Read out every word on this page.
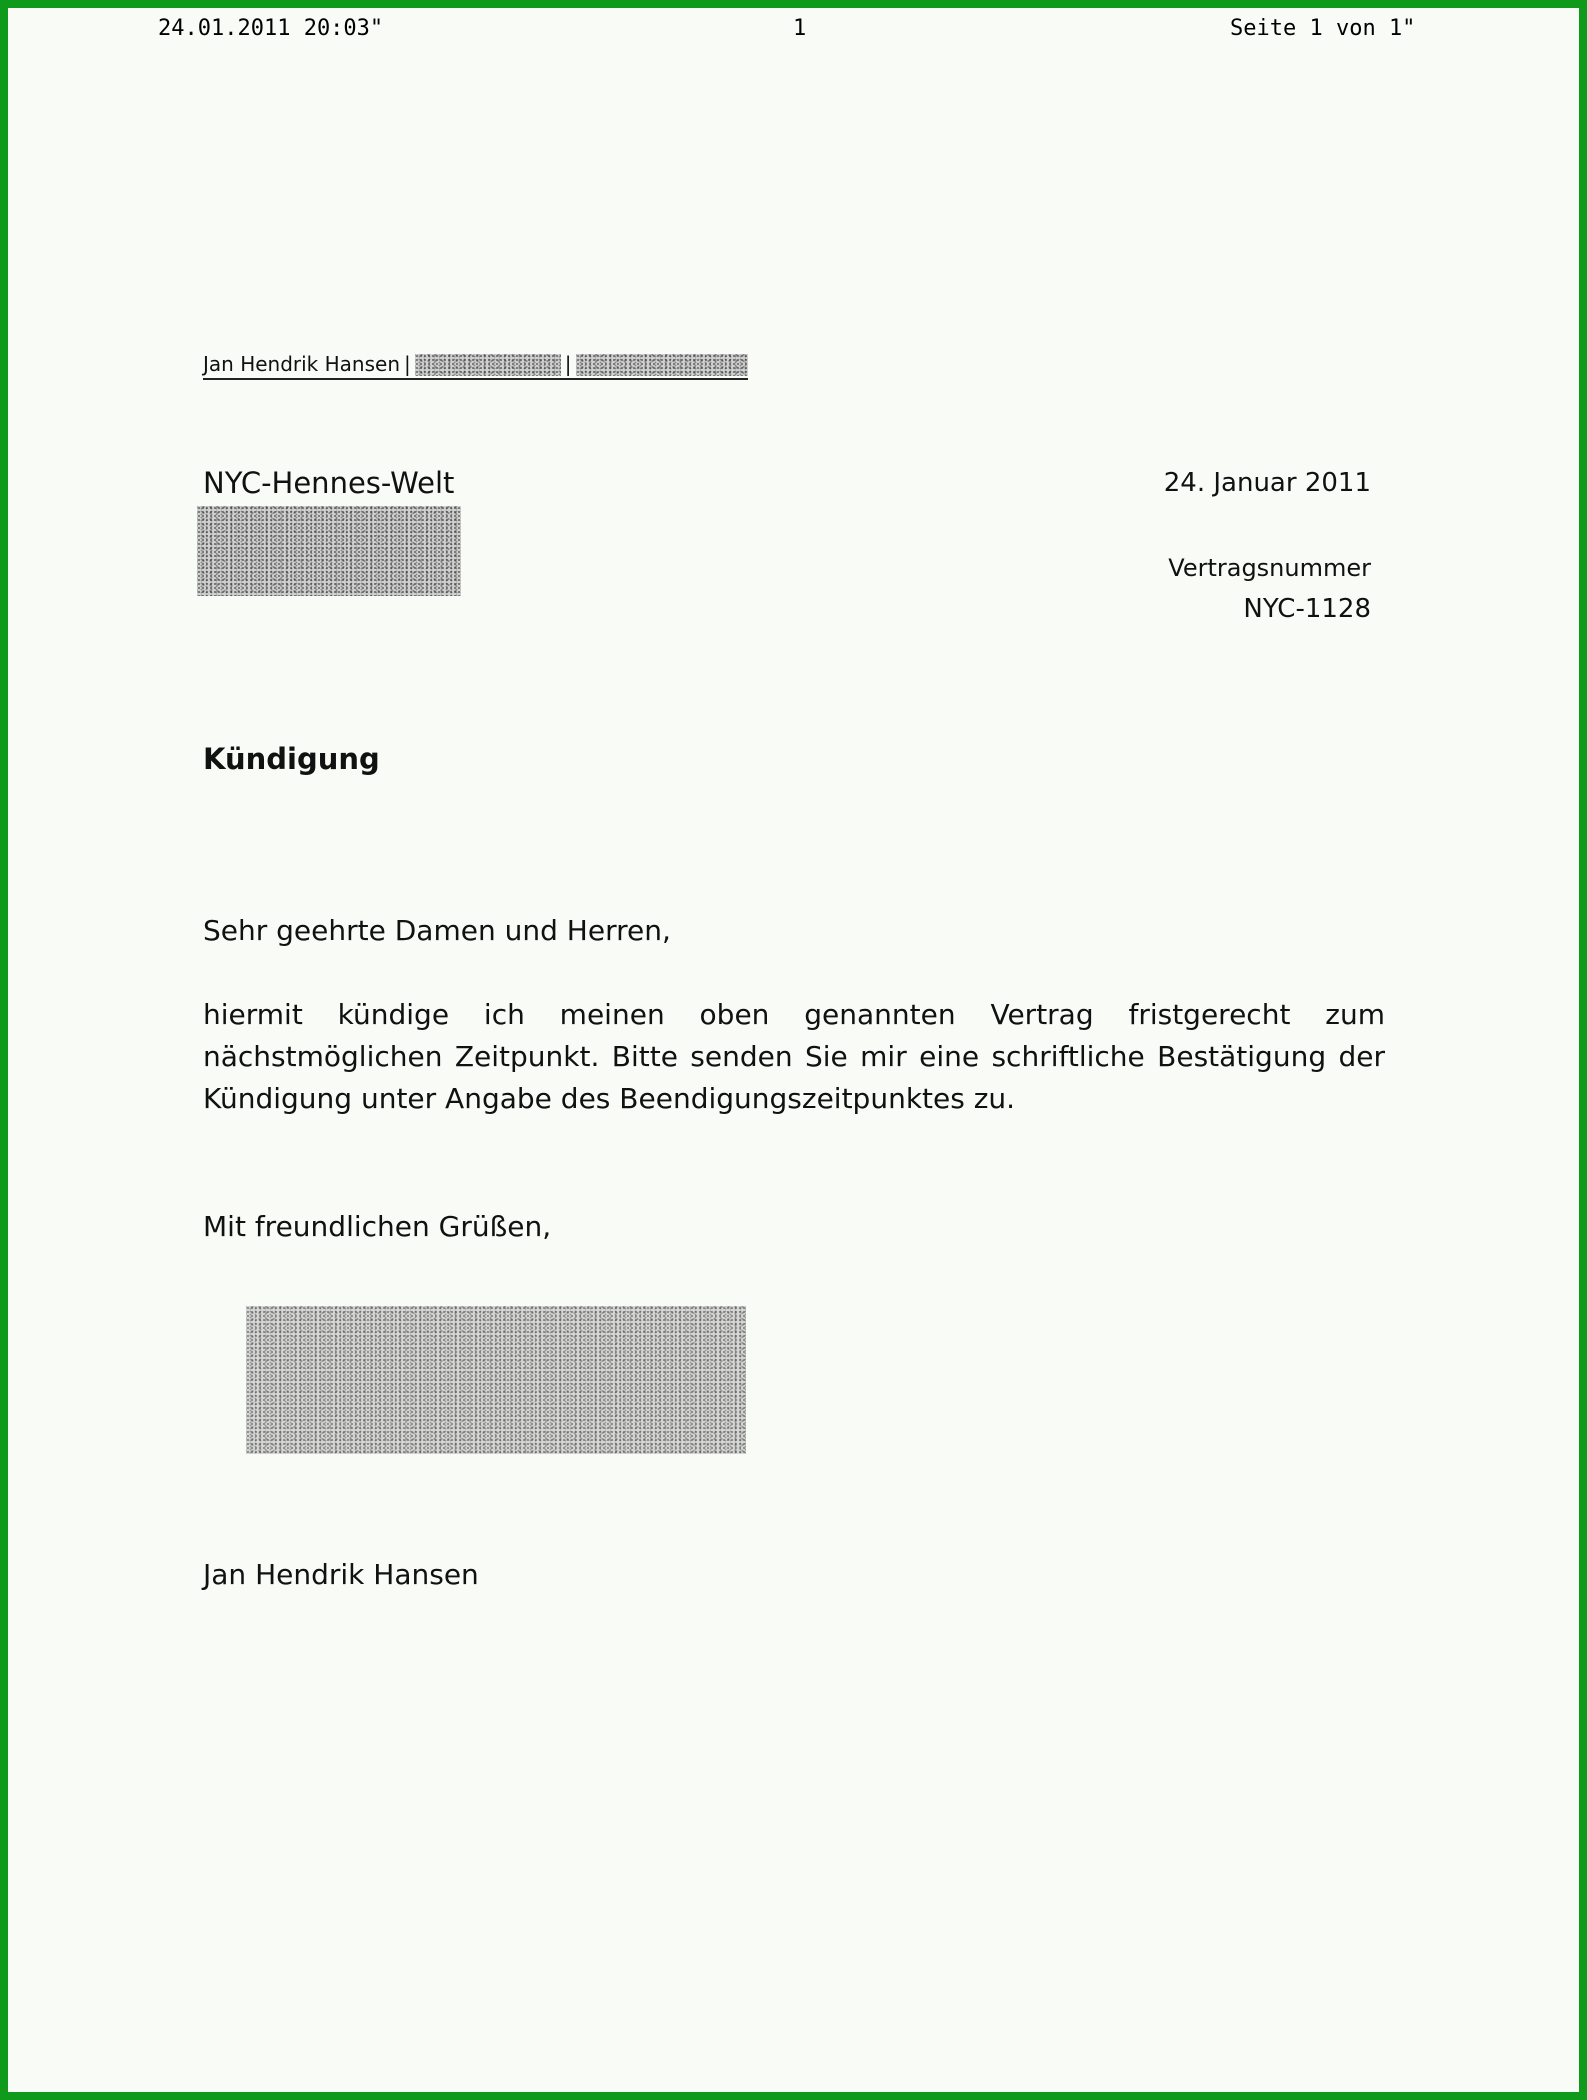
24.01.2011 20:03"	1	Seite 1 von 1"
Jan Hendrik Hansen |	|
NYC-Hennes-Welt	24. Januar 2011
Vertragsnummer
NYC-1128
Kündigung
Sehr geehrte Damen und Herren,
hiermit kündige ich meinen oben genannten Vertrag fristgerecht zum nächstmöglichen Zeitpunkt. Bitte senden Sie mir eine schriftliche Bestätigung der Kündigung unter Angabe des Beendigungszeitpunktes zu.
Mit freundlichen Grüßen,
Jan Hendrik Hansen
